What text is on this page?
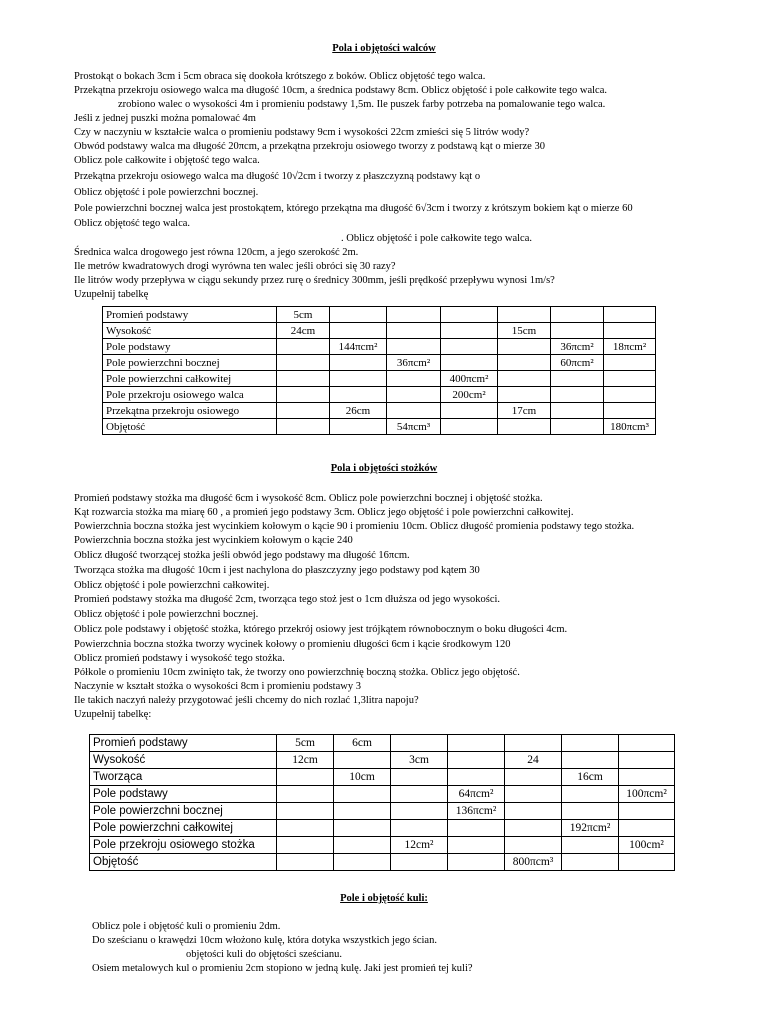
Pola i objętości walców
Prostokąt o bokach 3cm i 5cm obraca się dookoła krótszego z boków. Oblicz objętość tego walca.
Przekątna przekroju osiowego walca ma długość 10cm, a średnica podstawy 8cm. Oblicz objętość i pole całkowite tego walca.
zrobiono walec o wysokości 4m i promieniu podstawy 1,5m. Ile puszek farby potrzeba na pomalowanie tego walca.
Jeśli z jednej puszki można pomalować 4m
Czy w naczyniu w kształcie walca o promieniu podstawy 9cm i wysokości 22cm zmieści się 5 litrów wody?
Obwód podstawy walca ma długość 20πcm, a przekątna przekroju osiowego tworzy z podstawą kąt o mierze 30
Oblicz pole całkowite i objętość tego walca.
Przekątna przekroju osiowego walca ma długość 10√2cm i tworzy z płaszczyzną podstawy kąt o
Oblicz objętość i pole powierzchni bocznej.
Pole powierzchni bocznej walca jest prostokątem, którego przekątna ma długość 6√3cm i tworzy z krótszym bokiem kąt o mierze 60
Oblicz objętość tego walca.
. Oblicz objętość i pole całkowite tego walca.
Średnica walca drogowego jest równa 120cm, a jego szerokość 2m.
Ile metrów kwadratowych drogi wyrówna ten walec jeśli obróci się 30 razy?
Ile litrów wody przepływa w ciągu sekundy przez rurę o średnicy 300mm, jeśli prędkość przepływu wynosi 1m/s?
Uzupełnij tabelkę
Promień podstawy	5cm						
Wysokość	24cm				15cm		
Pole podstawy		144πcm²				36πcm²	18πcm²
Pole powierzchni bocznej			36πcm²			60πcm²	
Pole powierzchni całkowitej				400πcm²			
Pole przekroju osiowego walca				200cm²			
Przekątna przekroju osiowego		26cm			17cm		
Objętość			54πcm³				180πcm³
Pola i objętości stożków
Promień podstawy stożka ma długość 6cm i wysokość 8cm. Oblicz pole powierzchni bocznej i objętość stożka.
Kąt rozwarcia stożka ma miarę 60 , a promień jego podstawy 3cm. Oblicz jego objętość i pole powierzchni całkowitej.
Powierzchnia boczna stożka jest wycinkiem kołowym o kącie 90 i promieniu 10cm. Oblicz długość promienia podstawy tego stożka.
Powierzchnia boczna stożka jest wycinkiem kołowym o kącie 240
Oblicz długość tworzącej stożka jeśli obwód jego podstawy ma długość 16πcm.
Tworząca stożka ma długość 10cm i jest nachylona do płaszczyzny jego podstawy pod kątem 30
Oblicz objętość i pole powierzchni całkowitej.
Promień podstawy stożka ma długość 2cm, tworząca tego stoż jest o 1cm dłuższa od jego wysokości.
Oblicz objętość i pole powierzchni bocznej.
Oblicz pole podstawy i objętość stożka, którego przekrój osiowy jest trójkątem równobocznym o boku długości 4cm.
Powierzchnia boczna stożka tworzy wycinek kołowy o promieniu długości 6cm i kącie środkowym 120
Oblicz promień podstawy i wysokość tego stożka.
Półkole o promieniu 10cm zwinięto tak, że tworzy ono powierzchnię boczną stożka. Oblicz jego objętość.
Naczynie w kształt stożka o wysokości 8cm i promieniu podstawy 3
Ile takich naczyń należy przygotować jeśli chcemy do nich rozlać 1,3litra napoju?
Uzupełnij tabelkę:
Promień podstawy	5cm	6cm					
Wysokość	12cm		3cm		24		
Tworząca		10cm				16cm	
Pole podstawy				64πcm²			100πcm²
Pole powierzchni bocznej				136πcm²			
Pole powierzchni całkowitej						192πcm²	
Pole przekroju osiowego stożka			12cm²				100cm²
Objętość					800πcm³		
Pole i objętość kuli:
Oblicz pole i objętość kuli o promieniu 2dm.
Do sześcianu o krawędzi 10cm włożono kulę, która dotyka wszystkich jego ścian.
objętości kuli do objętości sześcianu.
Osiem metalowych kul o promieniu 2cm stopiono w jedną kulę. Jaki jest promień tej kuli?
